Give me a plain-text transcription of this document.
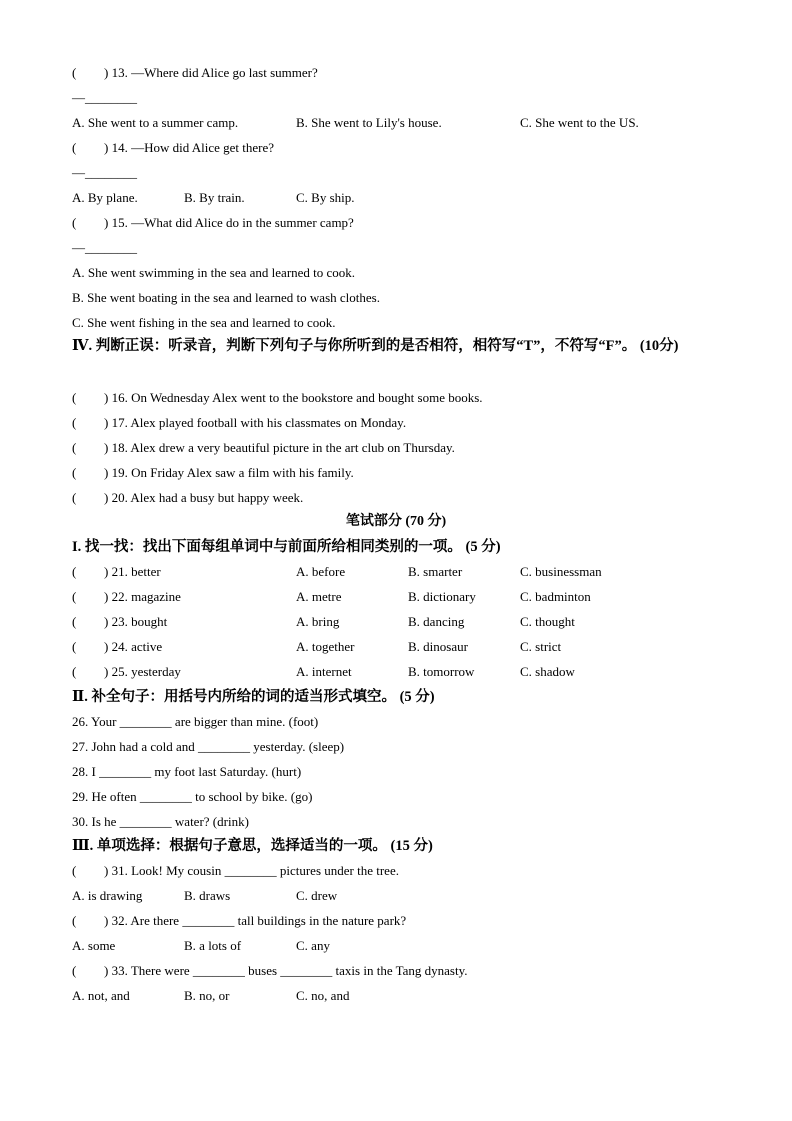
( ) 13. —Where did Alice go last summer?
—________
A. She went to a summer camp.	B. She went to Lily's house.	C. She went to the US.
( ) 14. —How did Alice get there?
—________
A. By plane.	B. By train.	C. By ship.
( ) 15. —What did Alice do in the summer camp?
—________
A. She went swimming in the sea and learned to cook.
B. She went boating in the sea and learned to wash clothes.
C. She went fishing in the sea and learned to cook.
Ⅳ. 判断正误：听录音，判断下列句子与你所听到的是否相符，相符写“T”，不符写“F”。 (10分)
( ) 16. On Wednesday Alex went to the bookstore and bought some books.
( ) 17. Alex played football with his classmates on Monday.
( ) 18. Alex drew a very beautiful picture in the art club on Thursday.
( ) 19. On Friday Alex saw a film with his family.
( ) 20. Alex had a busy but happy week.
笔试部分 (70 分)
I. 找一找：找出下面每组单词中与前面所给相同类别的一项。 (5 分)
( ) 21. better	A. before	B. smarter	C. businessman
( ) 22. magazine	A. metre	B. dictionary	C. badminton
( ) 23. bought	A. bring	B. dancing	C. thought
( ) 24. active	A. together	B. dinosaur	C. strict
( ) 25. yesterday	A. internet	B. tomorrow	C. shadow
Ⅱ. 补全句子：用括号内所给的词的适当形式填空。 (5 分)
26. Your ________ are bigger than mine. (foot)
27. John had a cold and ________ yesterday. (sleep)
28. I ________ my foot last Saturday. (hurt)
29. He often ________ to school by bike. (go)
30. Is he ________ water? (drink)
Ⅲ. 单项选择：根据句子意思，选择适当的一项。 (15 分)
( ) 31. Look! My cousin ________ pictures under the tree.
A. is drawing	B. draws	C. drew
( ) 32. Are there ________ tall buildings in the nature park?
A. some	B. a lots of	C. any
( ) 33. There were ________ buses ________ taxis in the Tang dynasty.
A. not, and	B. no, or	C. no, and
